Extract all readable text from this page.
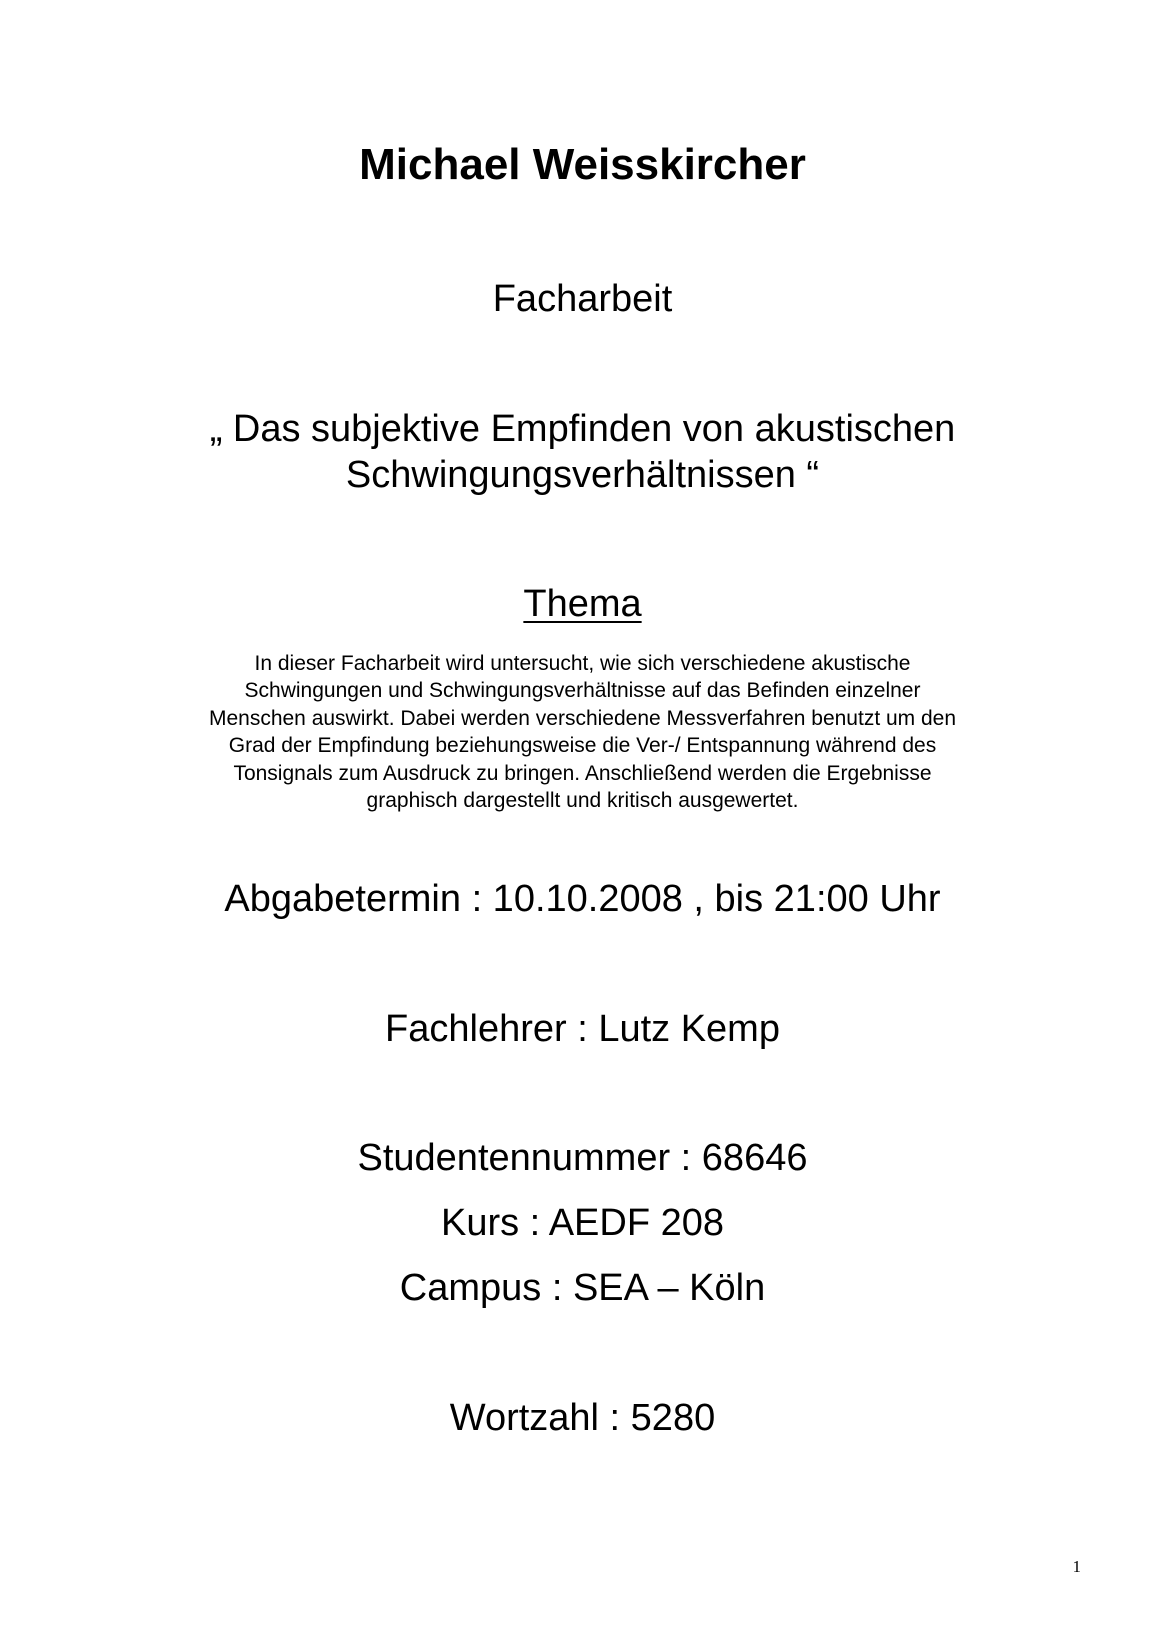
Michael Weisskircher
Facharbeit
„ Das subjektive Empfinden von akustischen
Schwingungsverhältnissen “
Thema
In dieser Facharbeit wird untersucht, wie sich verschiedene akustische
Schwingungen und Schwingungsverhältnisse auf das Befinden einzelner
Menschen auswirkt. Dabei werden verschiedene Messverfahren benutzt um den
Grad der Empfindung beziehungsweise die Ver-/ Entspannung während des
Tonsignals zum Ausdruck zu bringen. Anschließend werden die Ergebnisse
graphisch dargestellt und kritisch ausgewertet.
Abgabetermin : 10.10.2008 , bis 21:00 Uhr
Fachlehrer : Lutz Kemp
Studentennummer : 68646
Kurs : AEDF 208
Campus : SEA – Köln
Wortzahl : 5280
1
